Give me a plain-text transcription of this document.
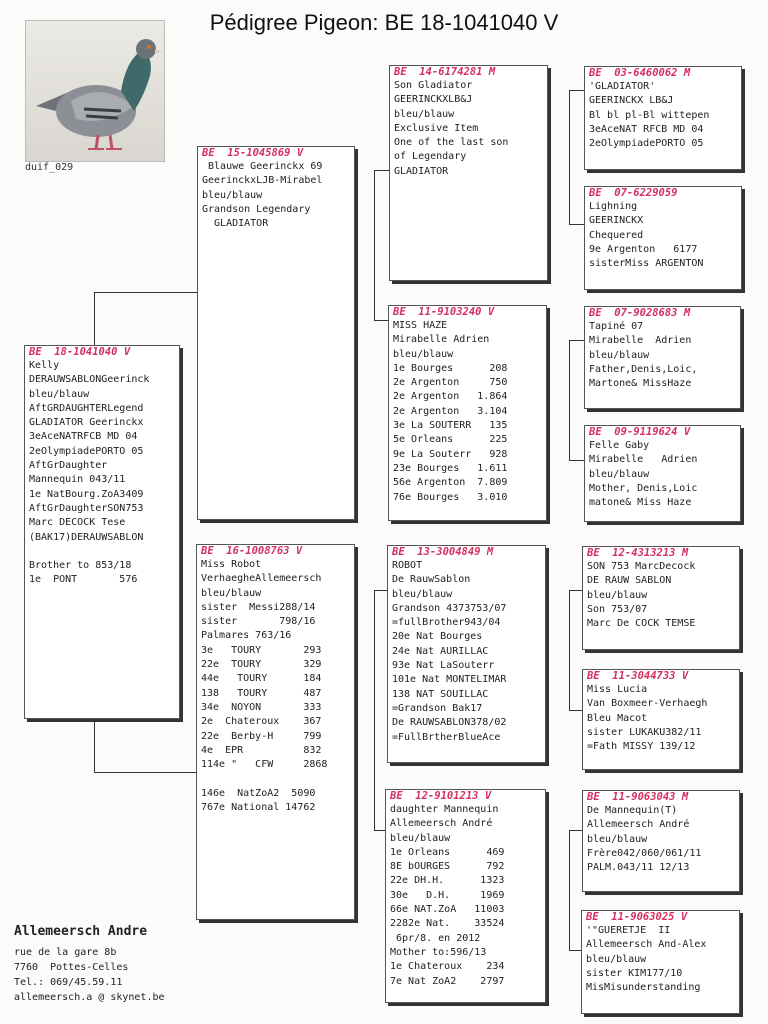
Pédigree Pigeon: BE 18-1041040 V
duif_029
BE  18-1041040 V
Kelly
DERAUWSABLONGeerinck
bleu/blauw
AftGRDAUGHTERLegend
GLADIATOR Geerinckx
3eAceNATRFCB MD 04
2eOlympiadePORTO 05
AftGrDaughter
Mannequin 043/11
1e NatBourg.ZoA3409
AftGrDaughterSON753
Marc DECOCK Tese
(BAK17)DERAUWSABLON

Brother to 853/18
1e  PONT       576
BE  15-1045869 V
Blauwe Geerinckx 69
GeerinckxLJB-Mirabel
bleu/blauw
Grandson Legendary
GLADIATOR
BE  16-1008763 V
Miss Robot
VerhaegheAllemeersch
bleu/blauw
sister  Messi288/14
sister       798/16
Palmares 763/16
3e   TOURY       293
22e  TOURY       329
44e   TOURY      184
138   TOURY      487
34e  NOYON       333
2e  Chateroux    367
22e  Berby-H     799
4e  EPR          832
114e "   CFW     2868

146e  NatZoA2  5090
767e National 14762
BE  14-6174281 M
Son Gladiator
GEERINCKXLB&J
bleu/blauw
Exclusive Item
One of the last son
of Legendary
GLADIATOR
BE  11-9103240 V
MISS HAZE
Mirabelle Adrien
bleu/blauw
1e Bourges      208
2e Argenton     750
2e Argenton   1.864
2e Argenton   3.104
3e La SOUTERR   135
5e Orleans      225
9e La Souterr   928
23e Bourges   1.611
56e Argenton  7.809
76e Bourges   3.010
BE  13-3004849 M
ROBOT
De RauwSablon
bleu/blauw
Grandson 4373753/07
=fullBrother943/04
20e Nat Bourges
24e Nat AURILLAC
93e Nat LaSouterr
101e Nat MONTELIMAR
138 NAT SOUILLAC
=Grandson Bak17
De RAUWSABLON378/02
=FullBrtherBlueAce
BE  12-9101213 V
daughter Mannequin
Allemeersch André
bleu/blauw
1e Orleans      469
8E bOURGES      792
22e DH.H.      1323
30e   D.H.     1969
66e NAT.ZoA   11003
2282e Nat.    33524
6pr/8. en 2012
Mother to:596/13
1e Chateroux    234
7e Nat ZoA2    2797
BE  03-6460062 M
'GLADIATOR'
GEERINCKX LB&J
Bl bl pl-Bl wittepen
3eAceNAT RFCB MD 04
2eOlympiadePORTO 05
BE  07-6229059
Lighning
GEERINCKX
Chequered
9e Argenton   6177
sisterMiss ARGENTON
BE  07-9028683 M
Tapiné 07
Mirabelle  Adrien
bleu/blauw
Father,Denis,Loic,
Martone& MissHaze
BE  09-9119624 V
Felle Gaby
Mirabelle   Adrien
bleu/blauw
Mother, Denis,Loic
matone& Miss Haze
BE  12-4313213 M
SON 753 MarcDecock
DE RAUW SABLON
bleu/blauw
Son 753/07
Marc De COCK TEMSE
BE  11-3044733 V
Miss Lucia
Van Boxmeer-Verhaegh
Bleu Macot
sister LUKAKU382/11
=Fath MISSY 139/12
BE  11-9063043 M
De Mannequin(T)
Allemeersch André
bleu/blauw
Frère042/060/061/11
PALM.043/11 12/13
BE  11-9063025 V
'"GUERETJE  II
Allemeersch And-Alex
bleu/blauw
sister KIM177/10
MisMisunderstanding
Allemeersch Andre
rue de la gare 8b
7760  Pottes-Celles
Tel.: 069/45.59.11
allemeersch.a @ skynet.be
